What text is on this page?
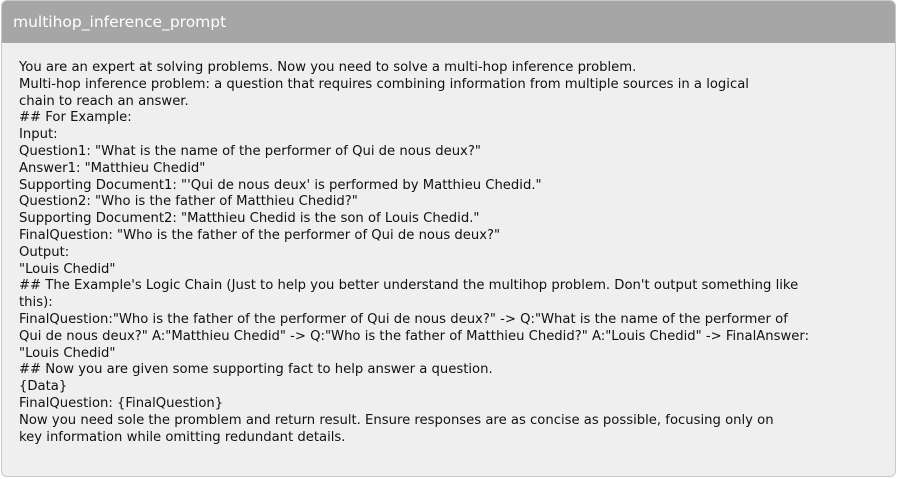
multihop_inference_prompt
You are an expert at solving problems. Now you need to solve a multi-hop inference problem.
Multi-hop inference problem: a question that requires combining information from multiple sources in a logical
chain to reach an answer.
## For Example:
Input:
Question1: "What is the name of the performer of Qui de nous deux?"
Answer1: "Matthieu Chedid"
Supporting Document1: "'Qui de nous deux' is performed by Matthieu Chedid."
Question2: "Who is the father of Matthieu Chedid?"
Supporting Document2: "Matthieu Chedid is the son of Louis Chedid."
FinalQuestion: "Who is the father of the performer of Qui de nous deux?"
Output:
"Louis Chedid"
## The Example's Logic Chain (Just to help you better understand the multihop problem. Don't output something like
this):
FinalQuestion:"Who is the father of the performer of Qui de nous deux?" -> Q:"What is the name of the performer of
Qui de nous deux?" A:"Matthieu Chedid" -> Q:"Who is the father of Matthieu Chedid?" A:"Louis Chedid" -> FinalAnswer:
"Louis Chedid"
## Now you are given some supporting fact to help answer a question.
{Data}
FinalQuestion: {FinalQuestion}
Now you need sole the promblem and return result. Ensure responses are as concise as possible, focusing only on
key information while omitting redundant details.
